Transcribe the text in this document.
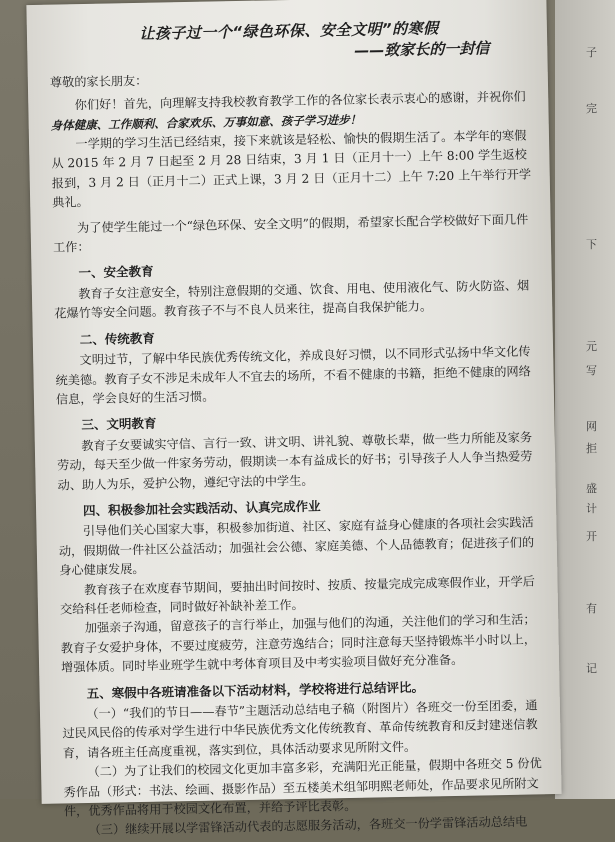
子
完
下
元
写
网
拒
盛
计
开
有
记
让孩子过一个“绿色环保、安全文明”的寒假
——致家长的一封信
尊敬的家长朋友：

你们好！首先，向理解支持我校教育教学工作的各位家长表示衷心的感谢，并祝你们身体健康、工作顺利、合家欢乐、万事如意、孩子学习进步！

一学期的学习生活已经结束，接下来就该是轻松、愉快的假期生活了。本学年的寒假从 2015 年 2 月 7 日起至 2 月 28 日结束，3 月 1 日（正月十一）上午 8:00 学生返校报到，3 月 2 日（正月十二）正式上课，3 月 2 日（正月十二）上午 7:20 上午举行开学典礼。

为了使学生能过一个“绿色环保、安全文明”的假期，希望家长配合学校做好下面几件工作：

一、安全教育

教育子女注意安全，特别注意假期的交通、饮食、用电、使用液化气、防火防盗、烟花爆竹等安全问题。教育孩子不与不良人员来往，提高自我保护能力。

二、传统教育

文明过节，了解中华民族优秀传统文化，养成良好习惯，以不同形式弘扬中华文化传统美德。教育子女不涉足未成年人不宜去的场所，不看不健康的书籍，拒绝不健康的网络信息，学会良好的生活习惯。

三、文明教育

教育子女要诚实守信、言行一致、讲文明、讲礼貌、尊敬长辈，做一些力所能及家务劳动，每天至少做一件家务劳动，假期读一本有益成长的好书；引导孩子人人争当热爱劳动、助人为乐，爱护公物，遵纪守法的中学生。

四、积极参加社会实践活动、认真完成作业

引导他们关心国家大事，积极参加街道、社区、家庭有益身心健康的各项社会实践活动，假期做一件社区公益活动；加强社会公德、家庭美德、个人品德教育；促进孩子们的身心健康发展。

教育孩子在欢度春节期间，要抽出时间按时、按质、按量完成完成寒假作业，开学后交给科任老师检查，同时做好补缺补差工作。

加强亲子沟通，留意孩子的言行举止，加强与他们的沟通，关注他们的学习和生活；教育子女爱护身体，不要过度疲劳，注意劳逸结合；同时注意每天坚持锻炼半小时以上，增强体质。同时毕业班学生就中考体育项目及中考实验项目做好充分准备。

五、寒假中各班请准备以下活动材料，学校将进行总结评比。

（一）“我们的节日——春节”主题活动总结电子稿（附图片）各班交一份至团委，通过民风民俗的传承对学生进行中华民族优秀文化传统教育、革命传统教育和反封建迷信教育，请各班主任高度重视，落实到位，具体活动要求见所附文件。

（二）为了让我们的校园文化更加丰富多彩，充满阳光正能量，假期中各班交 5 份优秀作品（形式：书法、绘画、摄影作品）至五楼美术组邹明熙老师处，作品要求见所附文件，优秀作品将用于校园文化布置，并给予评比表彰。

（三）继续开展以学雷锋活动代表的志愿服务活动，各班交一份学雷锋活动总结电
